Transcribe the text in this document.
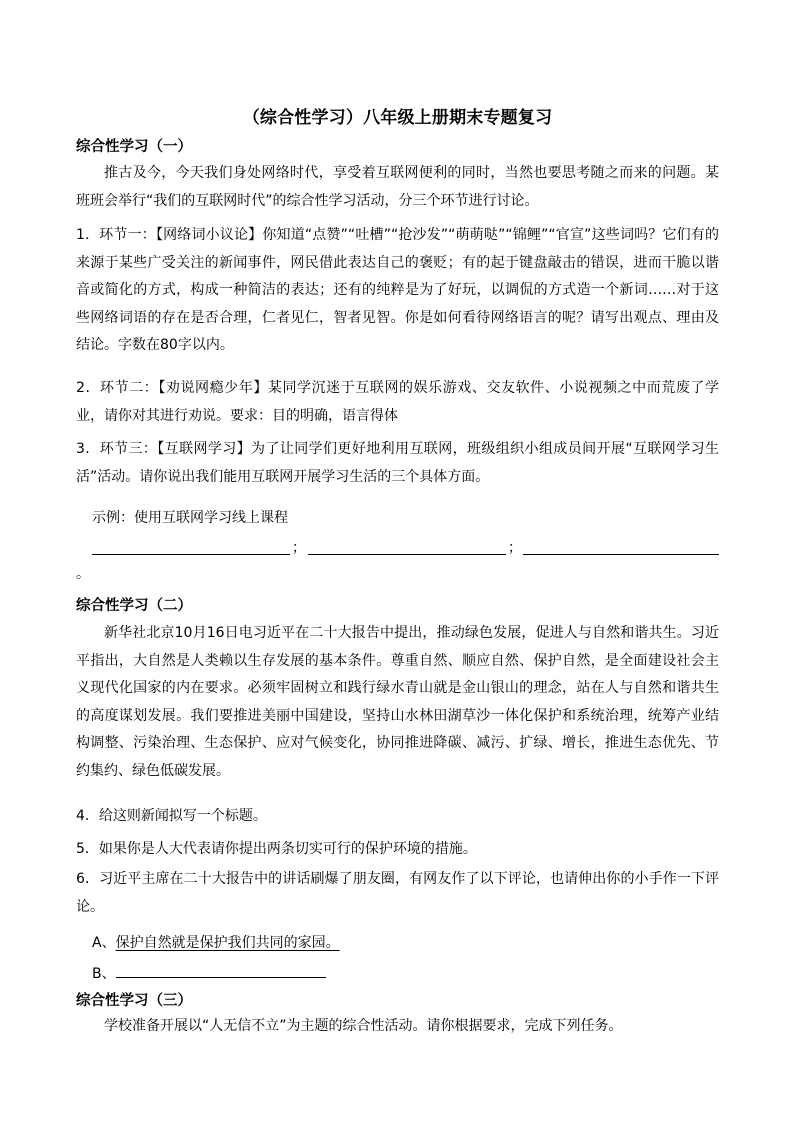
（综合性学习）八年级上册期末专题复习
综合性学习（一）
推古及今，今天我们身处网络时代，享受着互联网便利的同时，当然也要思考随之而来的问题。某班班会举行“我们的互联网时代”的综合性学习活动，分三个环节进行讨论。
1．环节一：【网络词小议论】你知道“点赞”“吐槽”“抢沙发”“萌萌哒”“锦鲤”“官宣”这些词吗？它们有的来源于某些广受关注的新闻事件，网民借此表达自己的褒贬；有的起于键盘敲击的错误，进而干脆以谐音或简化的方式，构成一种简洁的表达；还有的纯粹是为了好玩，以调侃的方式造一个新词……对于这些网络词语的存在是否合理，仁者见仁，智者见智。你是如何看待网络语言的呢？请写出观点、理由及结论。字数在80字以内。
2．环节二：【劝说网瘾少年】某同学沉迷于互联网的娱乐游戏、交友软件、小说视频之中而荒废了学业，请你对其进行劝说。要求：目的明确，语言得体
3．环节三：【互联网学习】为了让同学们更好地利用互联网，班级组织小组成员间开展“互联网学习生活”活动。请你说出我们能用互联网开展学习生活的三个具体方面。
示例：使用互联网学习线上课程
；	；
。
综合性学习（二）
新华社北京10月16日电习近平在二十大报告中提出，推动绿色发展，促进人与自然和谐共生。习近平指出，大自然是人类赖以生存发展的基本条件。尊重自然、顺应自然、保护自然，是全面建设社会主义现代化国家的内在要求。必须牢固树立和践行绿水青山就是金山银山的理念，站在人与自然和谐共生的高度谋划发展。我们要推进美丽中国建设，坚持山水林田湖草沙一体化保护和系统治理，统筹产业结构调整、污染治理、生态保护、应对气候变化，协同推进降碳、减污、扩绿、增长，推进生态优先、节约集约、绿色低碳发展。
4．给这则新闻拟写一个标题。
5．如果你是人大代表请你提出两条切实可行的保护环境的措施。
6．习近平主席在二十大报告中的讲话刷爆了朋友圈，有网友作了以下评论，也请伸出你的小手作一下评论。
A、保护自然就是保护我们共同的家园。
B、
综合性学习（三）
学校准备开展以“人无信不立”为主题的综合性活动。请你根据要求，完成下列任务。
